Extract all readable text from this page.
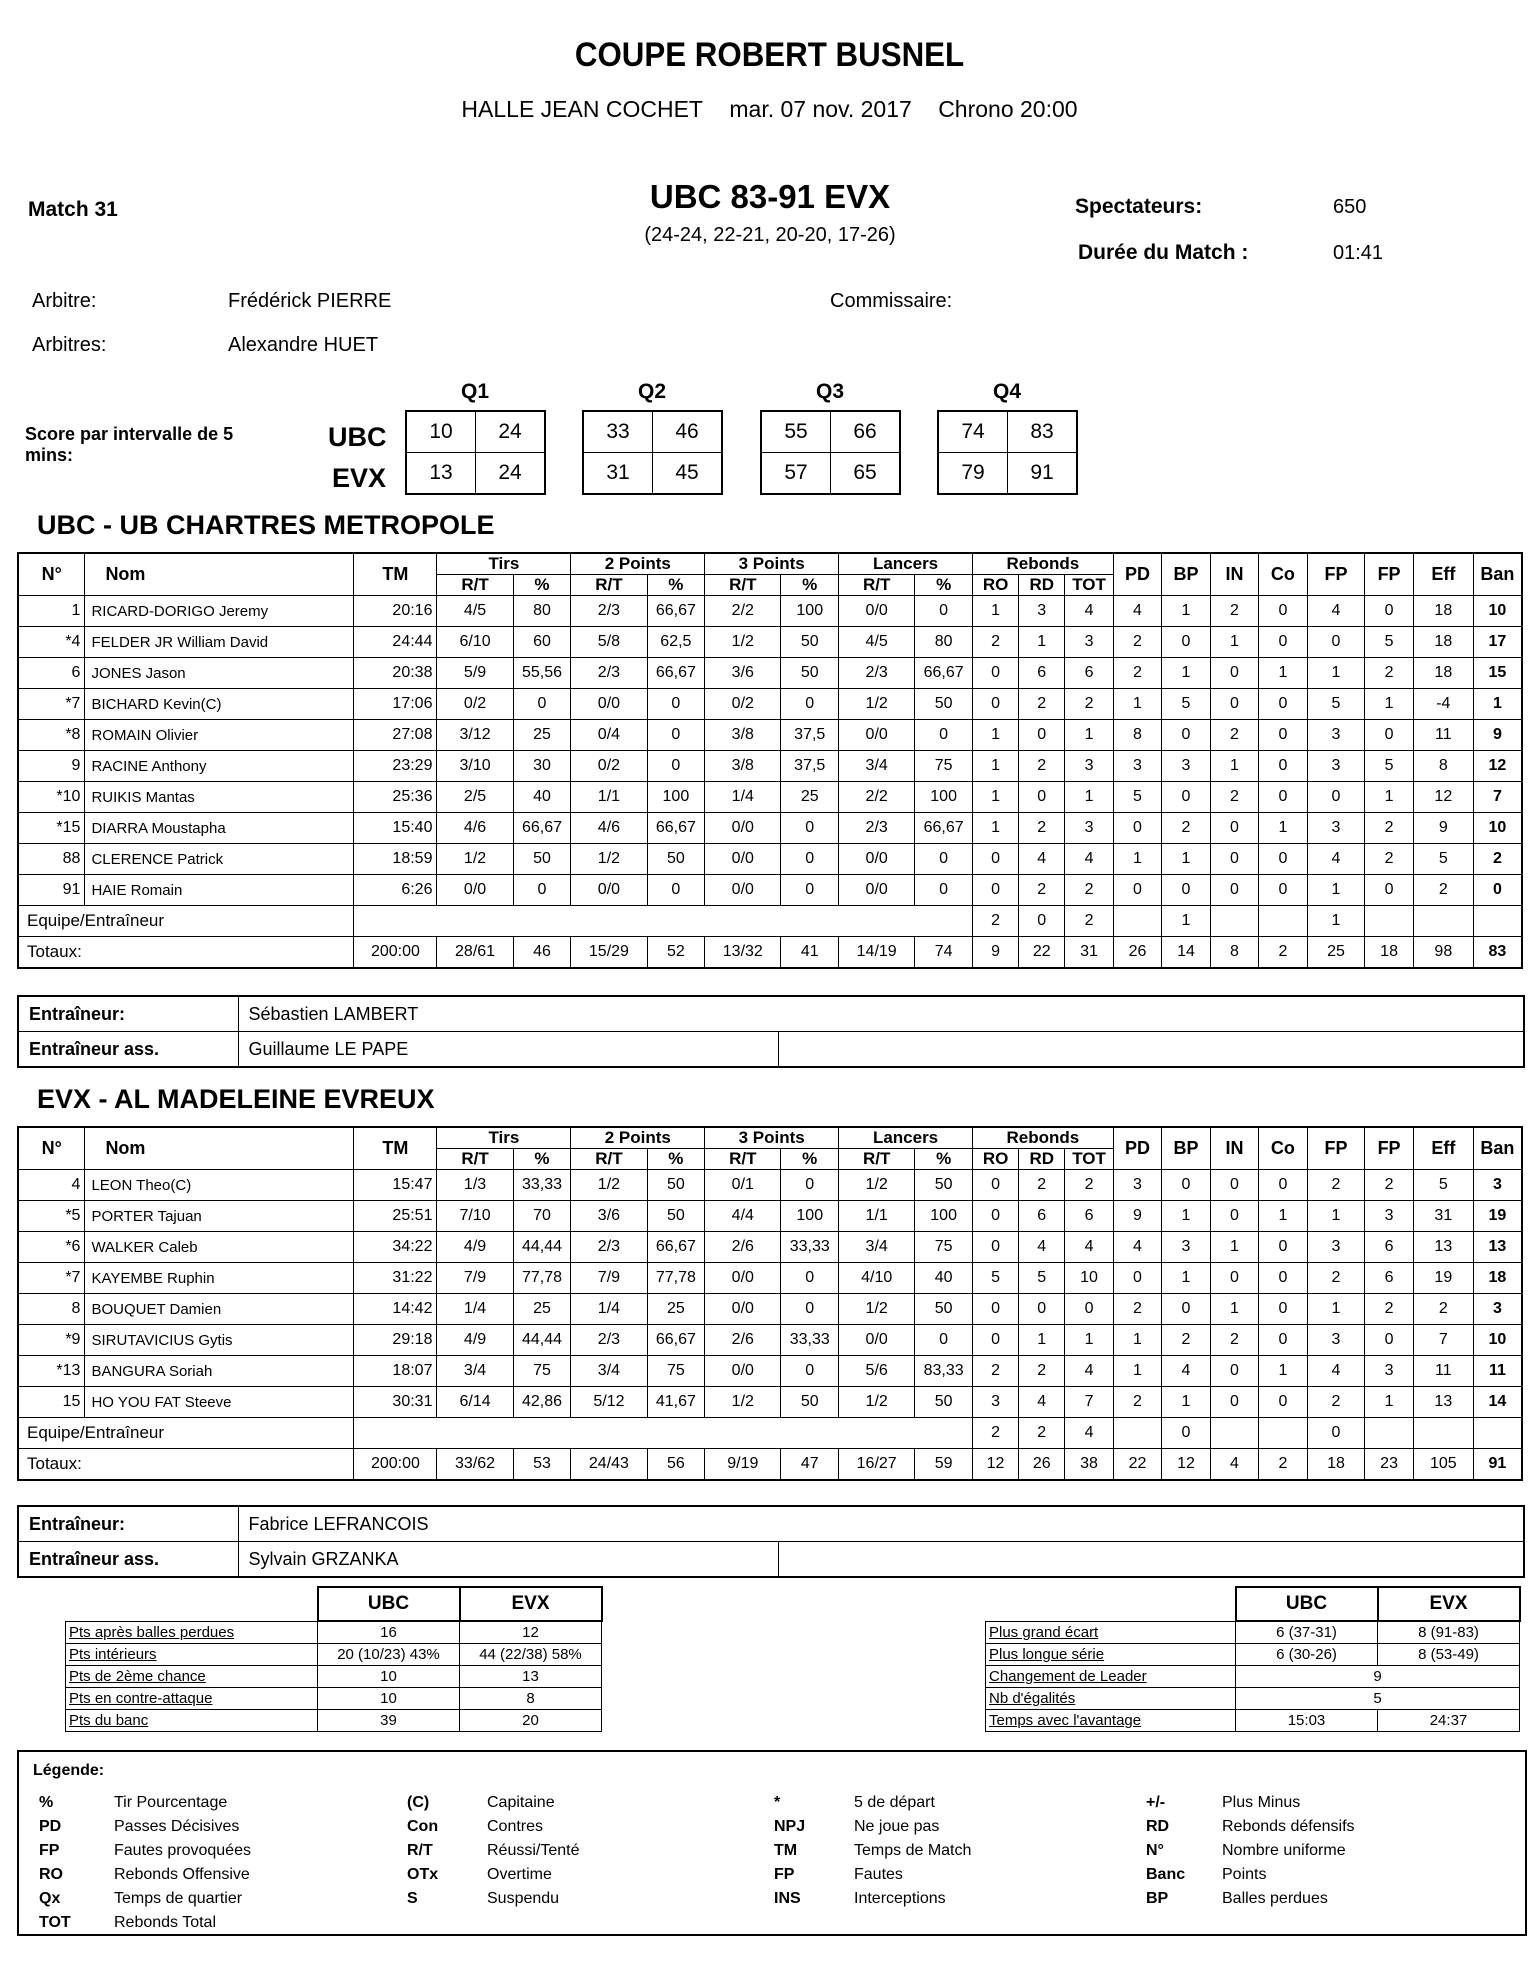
COUPE ROBERT BUSNEL
HALLE JEAN COCHET mar. 07 nov. 2017 Chrono 20:00
Match 31	UBC 83-91 EVX
(24-24, 22-21, 20-20, 17-26)
Spectateurs:	650
Durée du Match :	01:41
Arbitre:	Frédérick PIERRE	Commissaire:
Arbitres:	Alexandre HUET
Score par intervalle de 5 mins:
UBC
EVX
Q1
10	24
13	24
Q2
33	46
31	45
Q3
55	66
57	65
Q4
74	83
79	91
UBC - UB CHARTRES METROPOLE
N°	Nom	TM	Tirs		2 Points		3 Points		Lancers		Rebonds			PD	BP	IN	Co	FP	FP	Eff	Ban
			R/T	%	R/T	%	R/T	%	R/T	%	RO	RD	TOT								
1	RICARD-DORIGO Jeremy	20:16	4/5	80	2/3	66,67	2/2	100	0/0	0	1	3	4	4	1	2	0	4	0	18	10
*4	FELDER JR William David	24:44	6/10	60	5/8	62,5	1/2	50	4/5	80	2	1	3	2	0	1	0	0	5	18	17
6	JONES Jason	20:38	5/9	55,56	2/3	66,67	3/6	50	2/3	66,67	0	6	6	2	1	0	1	1	2	18	15
*7	BICHARD Kevin(C)	17:06	0/2	0	0/0	0	0/2	0	1/2	50	0	2	2	1	5	0	0	5	1	-4	1
*8	ROMAIN Olivier	27:08	3/12	25	0/4	0	3/8	37,5	0/0	0	1	0	1	8	0	2	0	3	0	11	9
9	RACINE Anthony	23:29	3/10	30	0/2	0	3/8	37,5	3/4	75	1	2	3	3	3	1	0	3	5	8	12
*10	RUIKIS Mantas	25:36	2/5	40	1/1	100	1/4	25	2/2	100	1	0	1	5	0	2	0	0	1	12	7
*15	DIARRA Moustapha	15:40	4/6	66,67	4/6	66,67	0/0	0	2/3	66,67	1	2	3	0	2	0	1	3	2	9	10
88	CLERENCE Patrick	18:59	1/2	50	1/2	50	0/0	0	0/0	0	0	4	4	1	1	0	0	4	2	5	2
91	HAIE Romain	6:26	0/0	0	0/0	0	0/0	0	0/0	0	0	2	2	0	0	0	0	1	0	2	0
Equipe/Entraîneur											2	0	2		1			1			
Totaux:		200:00	28/61	46	15/29	52	13/32	41	14/19	74	9	22	31	26	14	8	2	25	18	98	83
Entraîneur:	Sébastien LAMBERT	
Entraîneur ass.	Guillaume LE PAPE	
EVX - AL MADELEINE EVREUX
N°	Nom	TM	Tirs		2 Points		3 Points		Lancers		Rebonds			PD	BP	IN	Co	FP	FP	Eff	Ban
			R/T	%	R/T	%	R/T	%	R/T	%	RO	RD	TOT								
4	LEON Theo(C)	15:47	1/3	33,33	1/2	50	0/1	0	1/2	50	0	2	2	3	0	0	0	2	2	5	3
*5	PORTER Tajuan	25:51	7/10	70	3/6	50	4/4	100	1/1	100	0	6	6	9	1	0	1	1	3	31	19
*6	WALKER Caleb	34:22	4/9	44,44	2/3	66,67	2/6	33,33	3/4	75	0	4	4	4	3	1	0	3	6	13	13
*7	KAYEMBE Ruphin	31:22	7/9	77,78	7/9	77,78	0/0	0	4/10	40	5	5	10	0	1	0	0	2	6	19	18
8	BOUQUET Damien	14:42	1/4	25	1/4	25	0/0	0	1/2	50	0	0	0	2	0	1	0	1	2	2	3
*9	SIRUTAVICIUS Gytis	29:18	4/9	44,44	2/3	66,67	2/6	33,33	0/0	0	0	1	1	1	2	2	0	3	0	7	10
*13	BANGURA Soriah	18:07	3/4	75	3/4	75	0/0	0	5/6	83,33	2	2	4	1	4	0	1	4	3	11	11
15	HO YOU FAT Steeve	30:31	6/14	42,86	5/12	41,67	1/2	50	1/2	50	3	4	7	2	1	0	0	2	1	13	14
Equipe/Entraîneur											2	2	4		0			0			
Totaux:		200:00	33/62	53	24/43	56	9/19	47	16/27	59	12	26	38	22	12	4	2	18	23	105	91
Entraîneur:	Fabrice LEFRANCOIS	
Entraîneur ass.	Sylvain GRZANKA	
	UBC	EVX
Pts après balles perdues	16	12
Pts intérieurs	20 (10/23) 43%	44 (22/38) 58%
Pts de 2ème chance	10	13
Pts en contre-attaque	10	8
Pts du banc	39	20
	UBC	EVX
Plus grand écart	6 (37-31)	8 (91-83)
Plus longue série	6 (30-26)	8 (53-49)
Changement de Leader	9	
Nb d'égalités	5	
Temps avec l'avantage	15:03	24:37
Légende:
%	Tir Pourcentage
PD	Passes Décisives
FP	Fautes provoquées
RO	Rebonds Offensive
Qx	Temps de quartier
TOT	Rebonds Total
(C)	Capitaine
Con	Contres
R/T	Réussi/Tenté
OTx	Overtime
S	Suspendu
*	5 de départ
NPJ	Ne joue pas
TM	Temps de Match
FP	Fautes
INS	Interceptions
+/-	Plus Minus
RD	Rebonds défensifs
N°	Nombre uniforme
Banc Points
BP	Balles perdues
